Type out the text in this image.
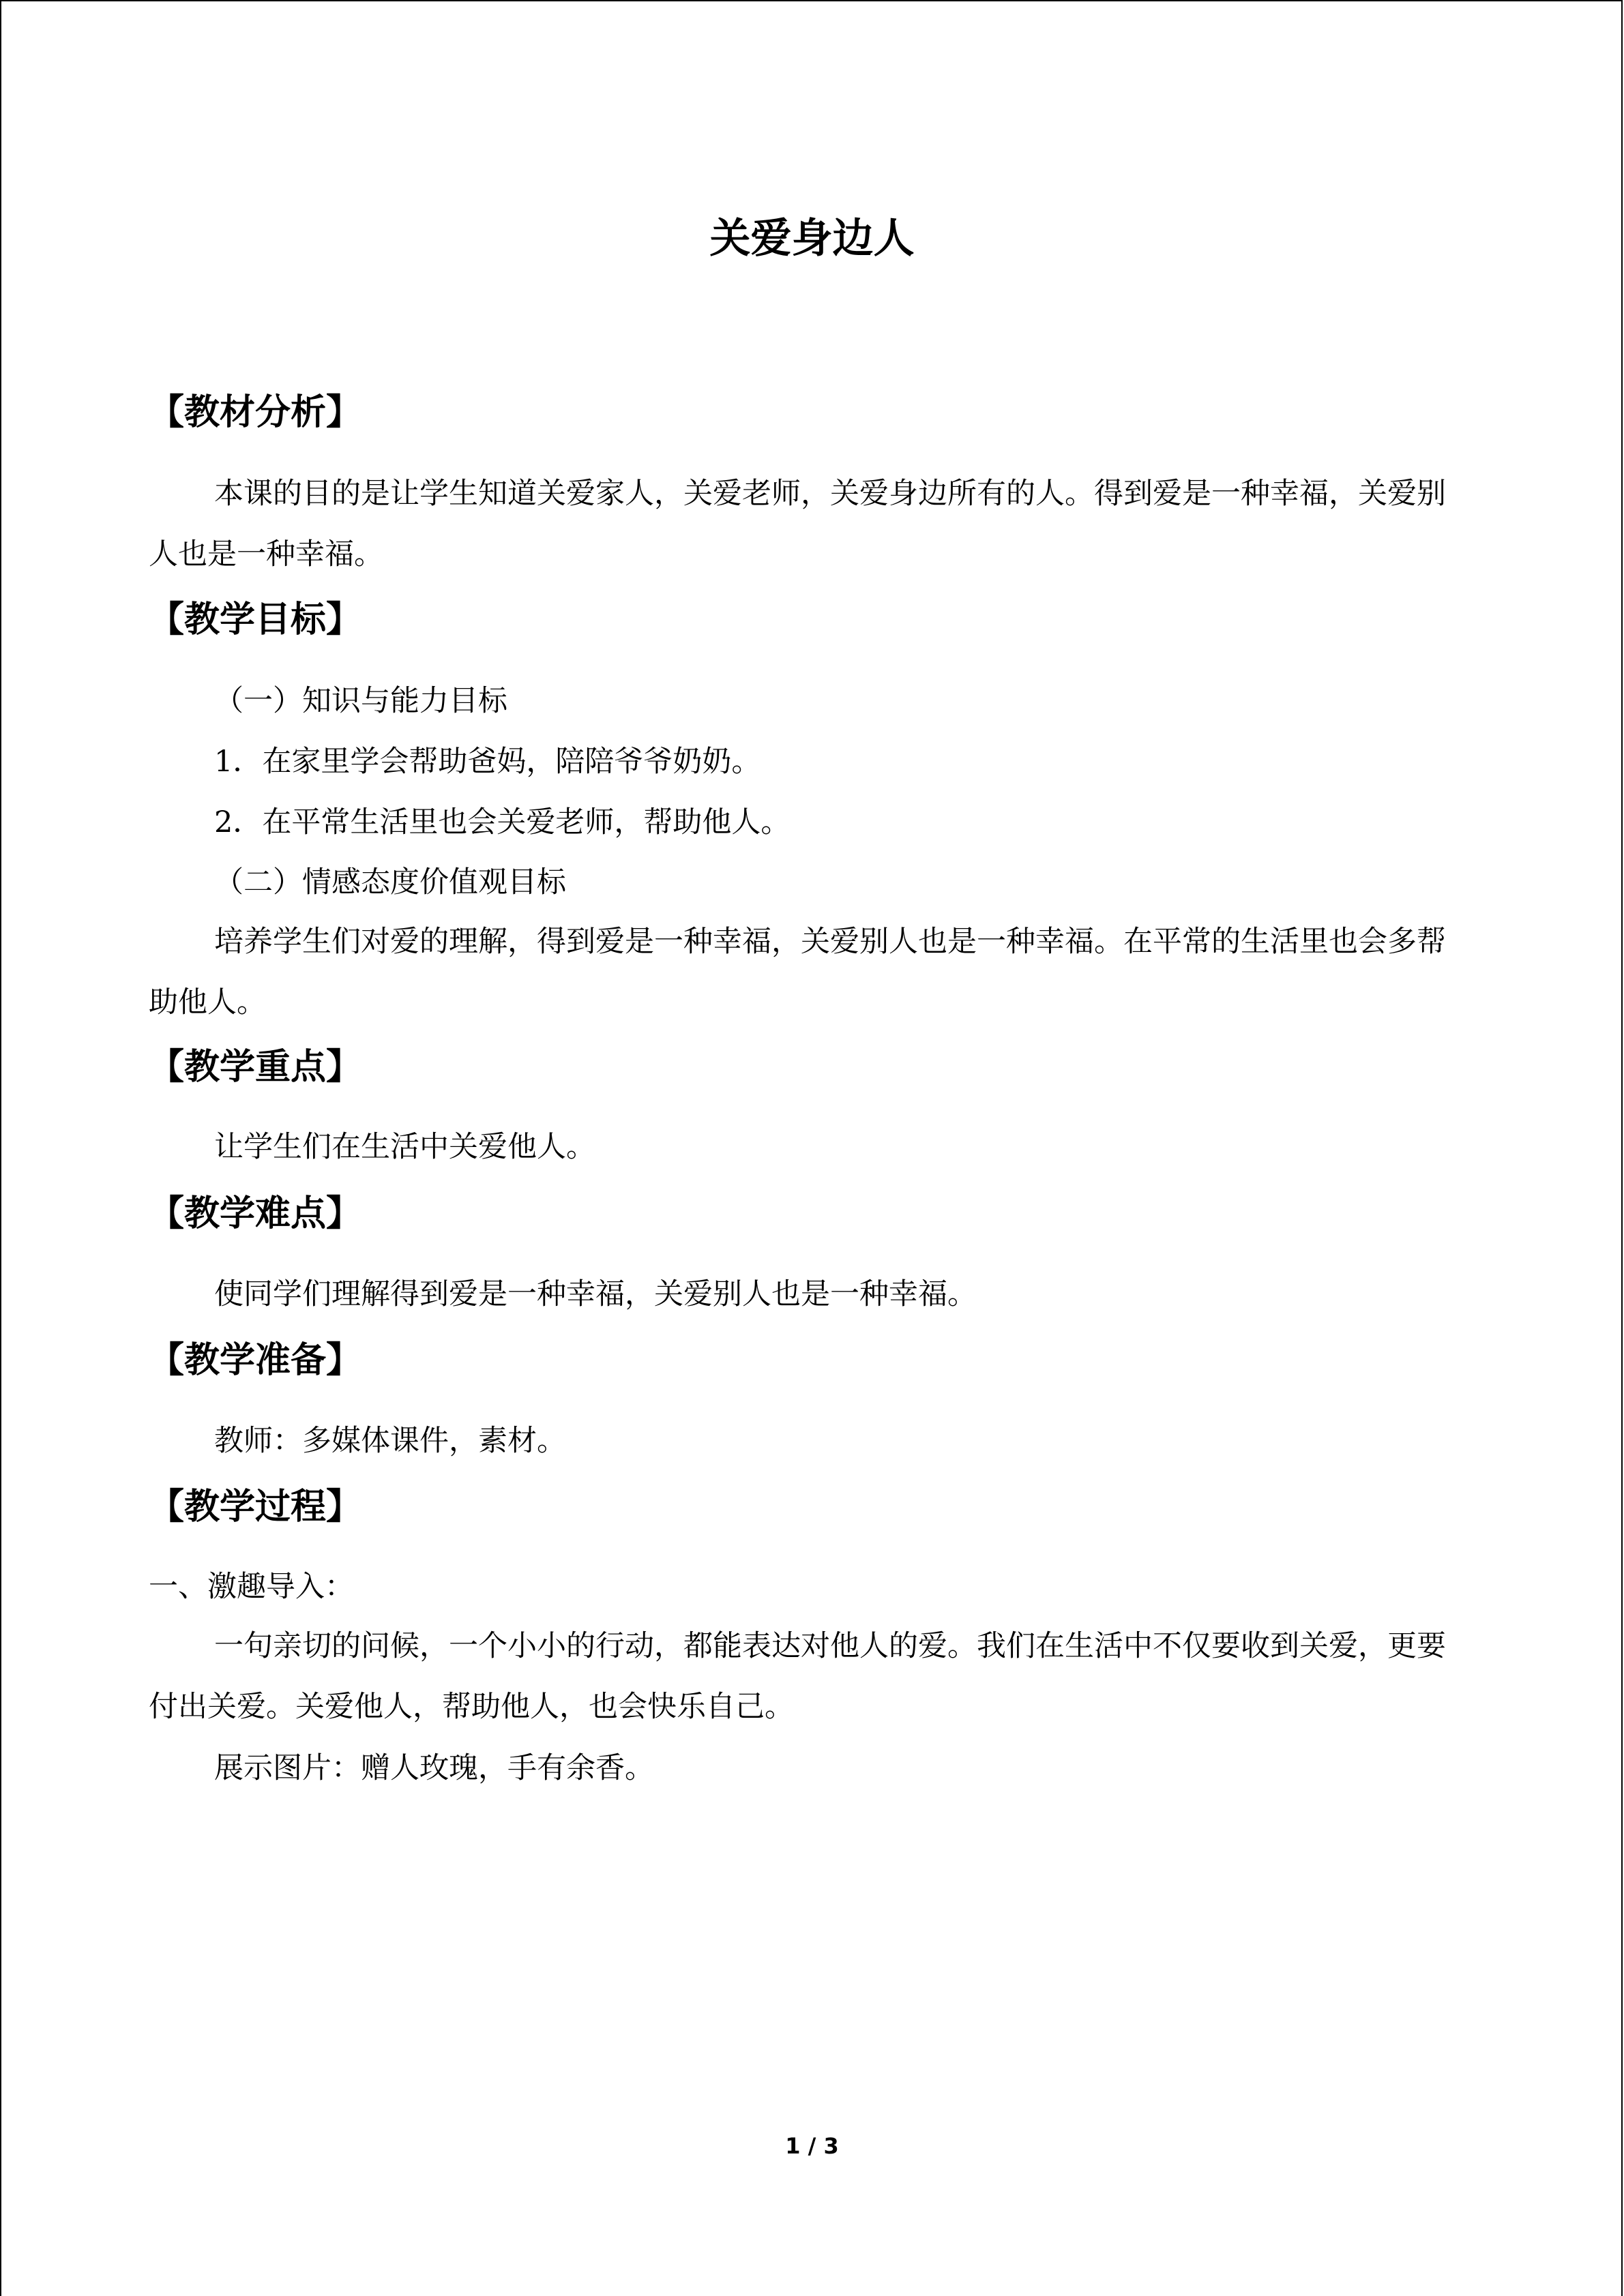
关爱身边人
【教材分析】

本课的目的是让学生知道关爱家人，关爱老师，关爱身边所有的人。得到爱是一种幸福，关爱别人也是一种幸福。

【教学目标】
（一）知识与能力目标
1．在家里学会帮助爸妈，陪陪爷爷奶奶。
2．在平常生活里也会关爱老师，帮助他人。
（二）情感态度价值观目标

培养学生们对爱的理解，得到爱是一种幸福，关爱别人也是一种幸福。在平常的生活里也会多帮助他人。

【教学重点】
让学生们在生活中关爱他人。
【教学难点】
使同学们理解得到爱是一种幸福，关爱别人也是一种幸福。
【教学准备】
教师：多媒体课件，素材。
【教学过程】
一、激趣导入：

一句亲切的问候，一个小小的行动，都能表达对他人的爱。我们在生活中不仅要收到关爱，更要付出关爱。关爱他人，帮助他人，也会快乐自己。

展示图片：赠人玫瑰，手有余香。
1 / 3
